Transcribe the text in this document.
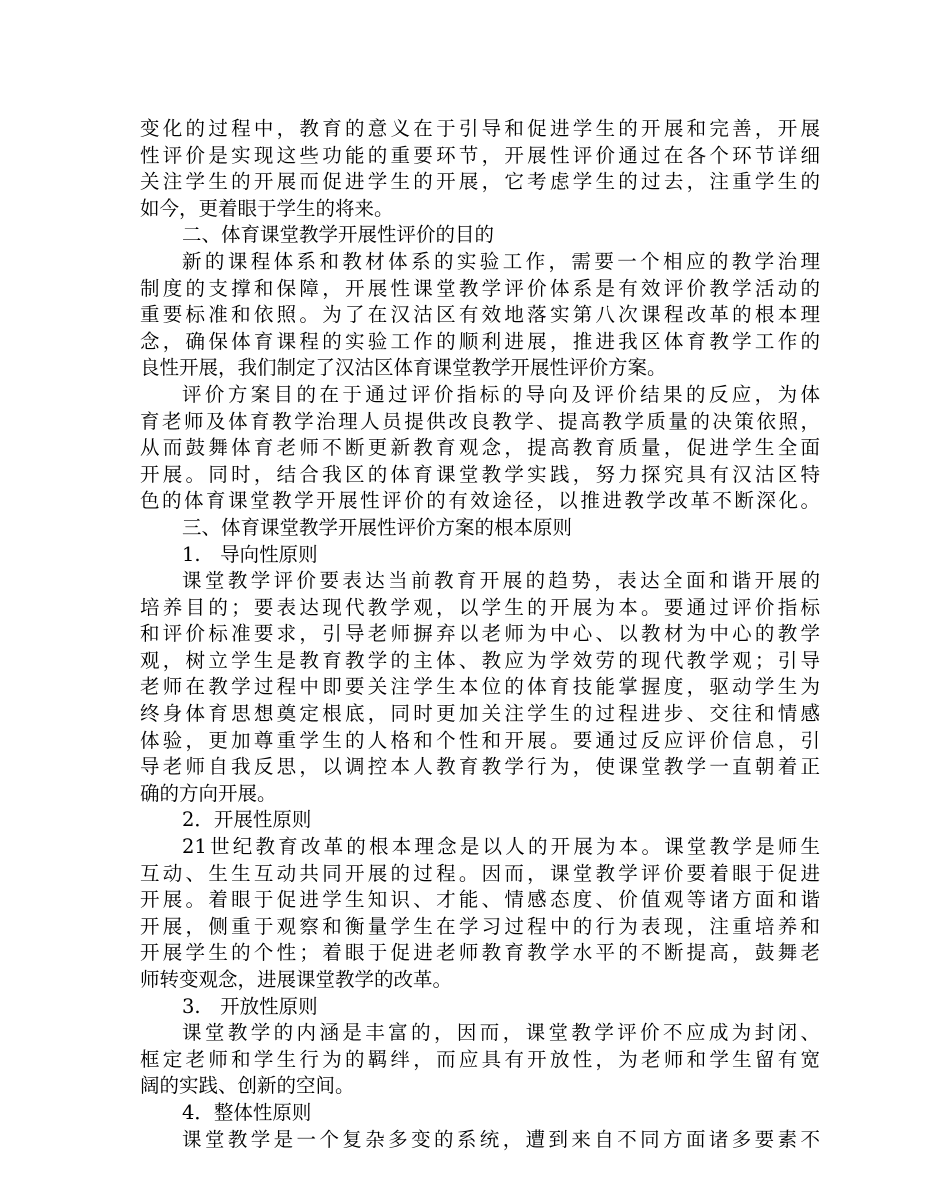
变化的过程中，教育的意义在于引导和促进学生的开展和完善，开展
性评价是实现这些功能的重要环节，开展性评价通过在各个环节详细
关注学生的开展而促进学生的开展，它考虑学生的过去，注重学生的
如今，更着眼于学生的将来。
二、体育课堂教学开展性评价的目的
新的课程体系和教材体系的实验工作，需要一个相应的教学治理
制度的支撑和保障，开展性课堂教学评价体系是有效评价教学活动的
重要标准和依照。为了在汉沽区有效地落实第八次课程改革的根本理
念，确保体育课程的实验工作的顺利进展，推进我区体育教学工作的
良性开展，我们制定了汉沽区体育课堂教学开展性评价方案。
评价方案目的在于通过评价指标的导向及评价结果的反应，为体
育老师及体育教学治理人员提供改良教学、提高教学质量的决策依照，
从而鼓舞体育老师不断更新教育观念，提高教育质量，促进学生全面
开展。同时，结合我区的体育课堂教学实践，努力探究具有汉沽区特
色的体育课堂教学开展性评价的有效途径，以推进教学改革不断深化。
三、体育课堂教学开展性评价方案的根本原则
1.　导向性原则
课堂教学评价要表达当前教育开展的趋势，表达全面和谐开展的
培养目的；要表达现代教学观，以学生的开展为本。要通过评价指标
和评价标准要求，引导老师摒弃以老师为中心、以教材为中心的教学
观，树立学生是教育教学的主体、教应为学效劳的现代教学观；引导
老师在教学过程中即要关注学生本位的体育技能掌握度，驱动学生为
终身体育思想奠定根底，同时更加关注学生的过程进步、交往和情感
体验，更加尊重学生的人格和个性和开展。要通过反应评价信息，引
导老师自我反思，以调控本人教育教学行为，使课堂教学一直朝着正
确的方向开展。
2．开展性原则
21世纪教育改革的根本理念是以人的开展为本。课堂教学是师生
互动、生生互动共同开展的过程。因而，课堂教学评价要着眼于促进
开展。着眼于促进学生知识、才能、情感态度、价值观等诸方面和谐
开展，侧重于观察和衡量学生在学习过程中的行为表现，注重培养和
开展学生的个性；着眼于促进老师教育教学水平的不断提高，鼓舞老
师转变观念，进展课堂教学的改革。
3.　开放性原则
课堂教学的内涵是丰富的，因而，课堂教学评价不应成为封闭、
框定老师和学生行为的羁绊，而应具有开放性，为老师和学生留有宽
阔的实践、创新的空间。
4．整体性原则
课堂教学是一个复杂多变的系统，遭到来自不同方面诸多要素不
